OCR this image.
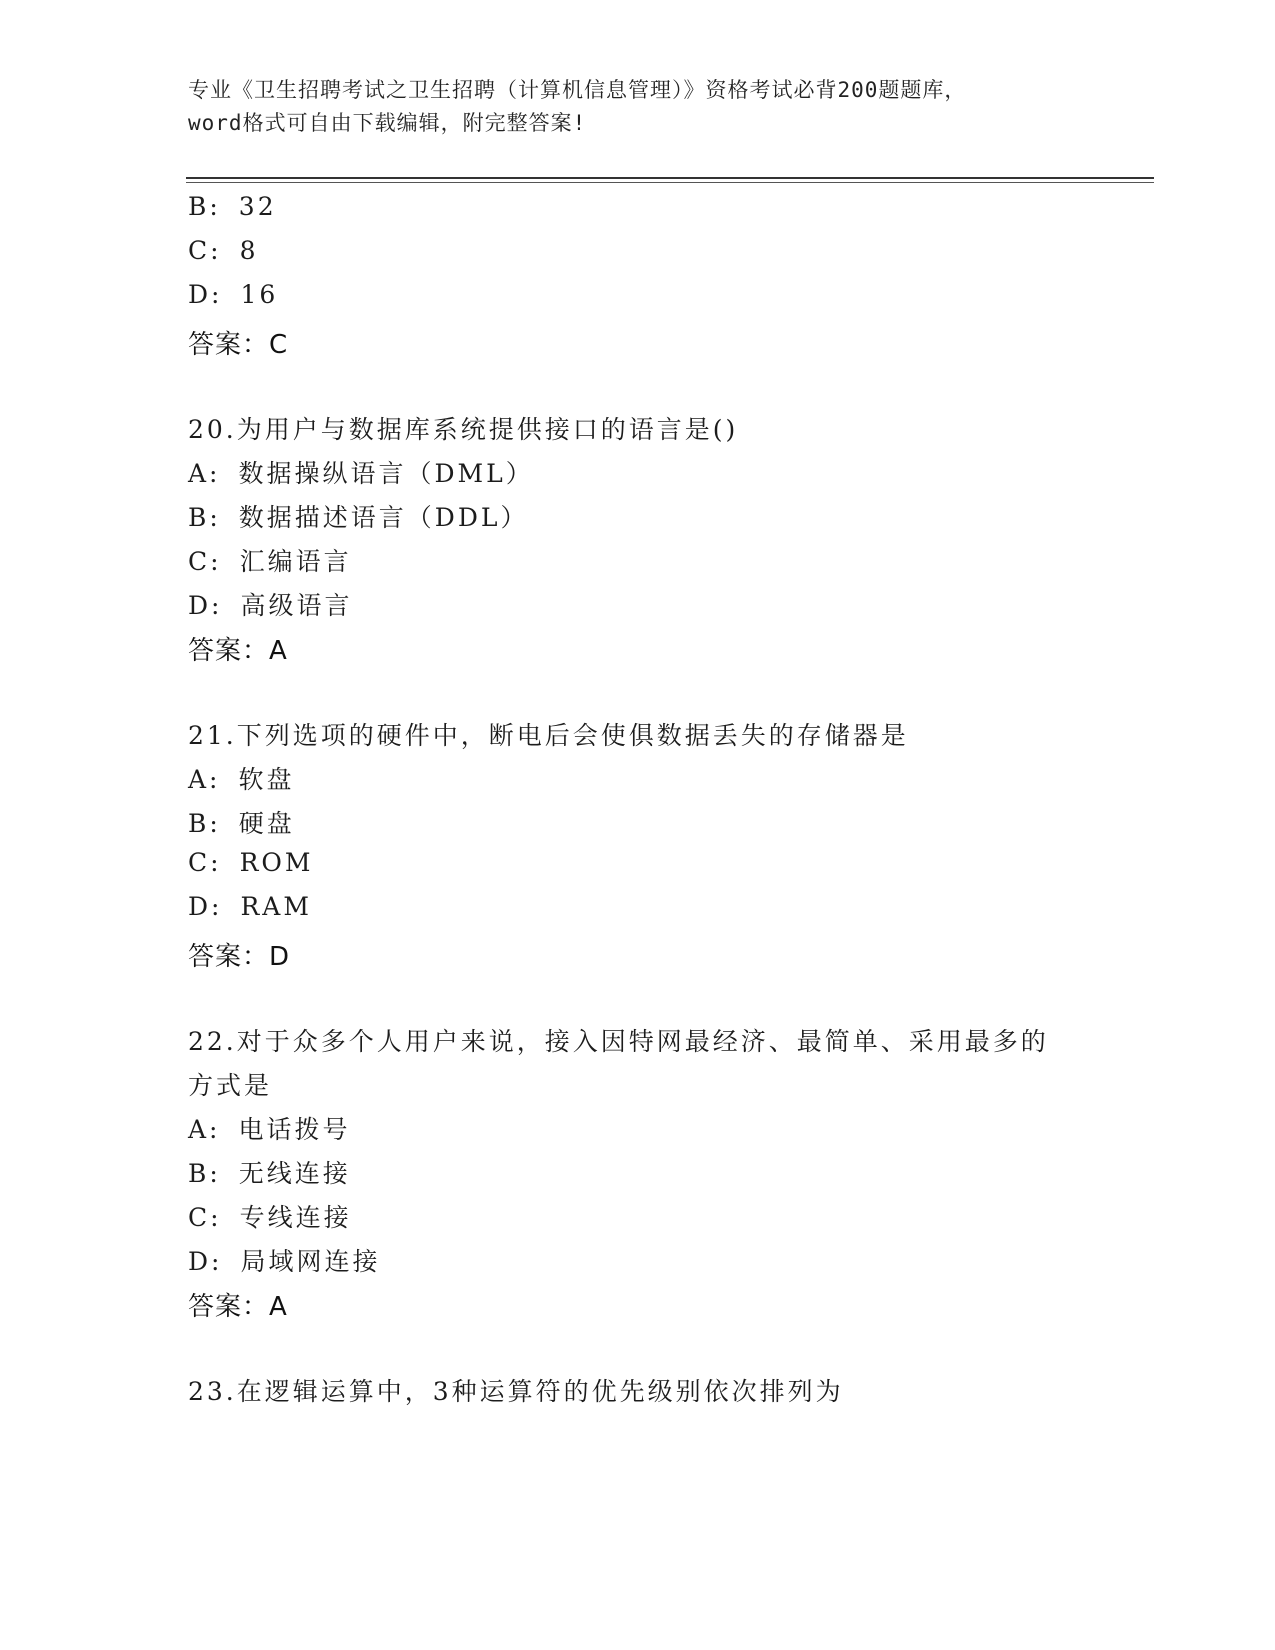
专业《卫生招聘考试之卫生招聘（计算机信息管理）》资格考试必背200题题库，
word格式可自由下载编辑，附完整答案!
B: 32
C: 8
D: 16
答案：C
20.为用户与数据库系统提供接口的语言是()
A: 数据操纵语言（DML）
B: 数据描述语言（DDL）
C: 汇编语言
D: 高级语言
答案：A
21.下列选项的硬件中，断电后会使俱数据丢失的存储器是
A: 软盘
B: 硬盘
C: ROM
D: RAM
答案：D
22.对于众多个人用户来说，接入因特网最经济、最简单、采用最多的
方式是
A: 电话拨号
B: 无线连接
C: 专线连接
D: 局域网连接
答案：A
23.在逻辑运算中，3种运算符的优先级别依次排列为
